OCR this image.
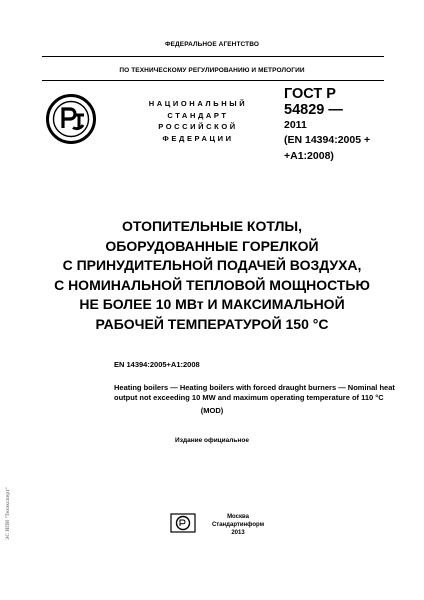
ФЕДЕРАЛЬНОЕ АГЕНТСТВО
ПО ТЕХНИЧЕСКОМУ РЕГУЛИРОВАНИЮ И МЕТРОЛОГИИ
НАЦИОНАЛЬНЫЙ
СТАНДАРТ
РОССИЙСКОЙ
ФЕДЕРАЦИИ
ГОСТ Р
54829 —
2011
(EN 14394:2005 +
+A1:2008)
ОТОПИТЕЛЬНЫЕ КОТЛЫ,
ОБОРУДОВАННЫЕ ГОРЕЛКОЙ
С ПРИНУДИТЕЛЬНОЙ ПОДАЧЕЙ ВОЗДУХА,
С НОМИНАЛЬНОЙ ТЕПЛОВОЙ МОЩНОСТЬЮ
НЕ БОЛЕЕ 10 МВт И МАКСИМАЛЬНОЙ
РАБОЧЕЙ ТЕМПЕРАТУРОЙ 150 °С
EN 14394:2005+A1:2008
Heating boilers — Heating boilers with forced draught burners — Nominal heat
output not exceeding 10 MW and maximum operating temperature of 110 °C
(MOD)
Издание официальное
Москва
Стандартинформ
2013
ЭС ИПИ "Техэксперт"
